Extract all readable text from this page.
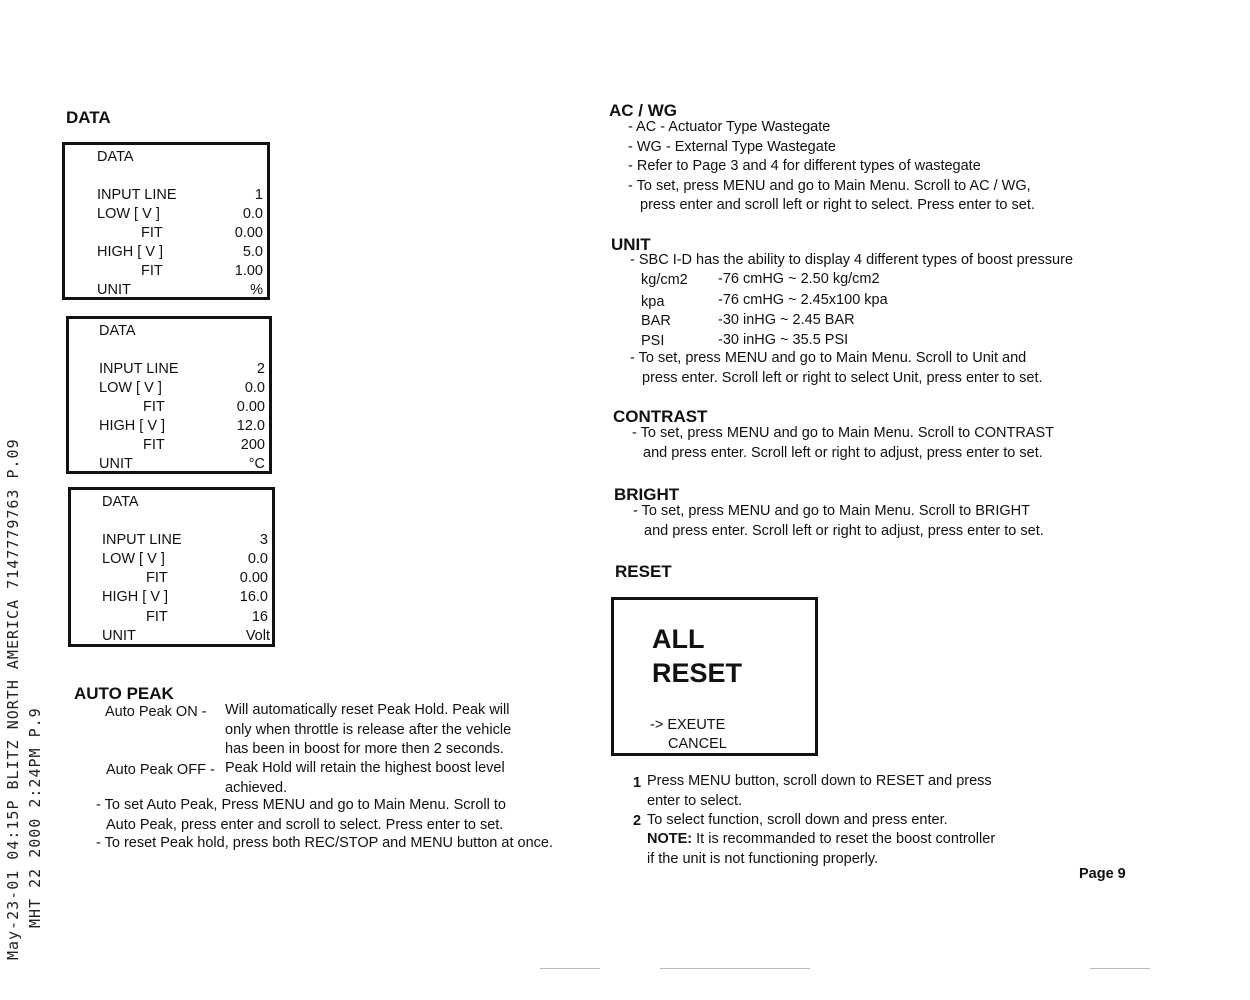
May-23-01 04:15P BLITZ NORTH AMERICA 7147779763 P.09 MHT 22 2000 2:24PM P.9
DATA
DATA
INPUT LINE	1
LOW [ V ]	0.0
FIT	0.00
HIGH [ V ]	5.0
FIT	1.00
UNIT	%
DATA
INPUT LINE	2
LOW [ V ]	0.0
FIT	0.00
HIGH [ V ]	12.0
FIT	200
UNIT	°C
DATA
INPUT LINE	3
LOW [ V ]	0.0
FIT	0.00
HIGH [ V ]	16.0
FIT	16
UNIT	Volt
AUTO PEAK
Auto Peak ON - Will automatically reset Peak Hold. Peak will
only when throttle is release after the vehicle
has been in boost for more then 2 seconds.
Auto Peak OFF - Peak Hold will retain the highest boost level
achieved.
- To set Auto Peak, Press MENU and go to Main Menu. Scroll to
Auto Peak, press enter and scroll to select. Press enter to set.
- To reset Peak hold, press both REC/STOP and MENU button at once.
AC / WG
- AC - Actuator Type Wastegate
- WG - External Type Wastegate
- Refer to Page 3 and 4 for different types of wastegate
- To set, press MENU and go to Main Menu. Scroll to AC / WG,
press enter and scroll left or right to select. Press enter to set.
UNIT
- SBC I-D has the ability to display 4 different types of boost pressure
kg/cm2	-76 cmHG ~ 2.50 kg/cm2
kpa	-76 cmHG ~ 2.45x100 kpa
BAR	-30 inHG ~ 2.45 BAR
PSI	-30 inHG ~ 35.5 PSI
- To set, press MENU and go to Main Menu. Scroll to Unit and
press enter. Scroll left or right to select Unit, press enter to set.
CONTRAST
- To set, press MENU and go to Main Menu. Scroll to CONTRAST
and press enter. Scroll left or right to adjust, press enter to set.
BRIGHT
- To set, press MENU and go to Main Menu. Scroll to BRIGHT
and press enter. Scroll left or right to adjust, press enter to set.
RESET
ALL
RESET
-> EXEUTE
CANCEL
1 Press MENU button, scroll down to RESET and press
enter to select.
2 To select function, scroll down and press enter.
NOTE: It is recommanded to reset the boost controller
if the unit is not functioning properly.
Page 9
